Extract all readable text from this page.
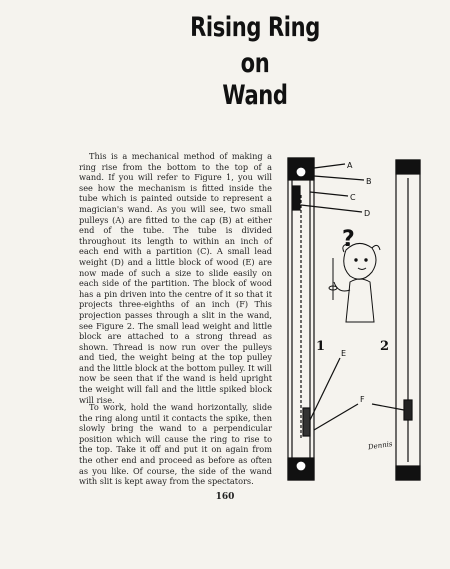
Rising Ring
on
Wand

This is a mechanical method of making a ring rise from the bottom to the top of a wand. If you will refer to Figure 1, you will see how the mechanism is fitted inside the tube which is painted outside to represent a magician's wand. As you will see, two small pulleys (A) are fitted to the cap (B) at either end of the tube. The tube is divided throughout its length to within an inch of each end with a partition (C). A small lead weight (D) and a little block of wood (E) are now made of such a size to slide easily on each side of the partition. The block of wood has a pin driven into the centre of it so that it projects three-eighths of an inch (F) This projection passes through a slit in the wand, see Figure 2. The small lead weight and little block are attached to a strong thread as shown. Thread is now run over the pulleys and tied, the weight being at the top pulley and the little block at the bottom pulley. It will now be seen that if the wand is held upright the weight will fall and the little spiked block will rise.

To work, hold the wand horizontally, slide the ring along until it contacts the spike, then slowly bring the wand to a perpendicular position which will cause the ring to rise to the top. Take it off and put it on again from the other end and proceed as before as often as you like. Of course, the side of the wand with slit is kept away from the spectators.

?
A
B
C
D
E
F
1	2
Dennis
160
